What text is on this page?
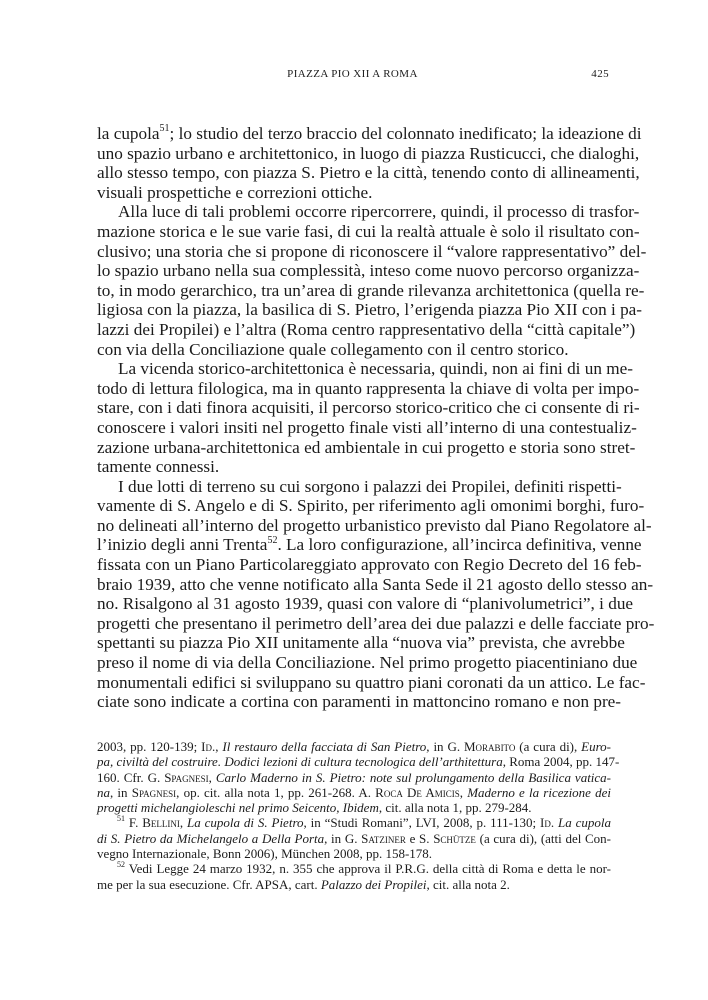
PIAZZA PIO XII A ROMA	425
la cupola$^{51}$; lo studio del terzo braccio del colonnato inedificato; la ideazione di
uno spazio urbano e architettonico, in luogo di piazza Rusticucci, che dialoghi,
allo stesso tempo, con piazza S. Pietro e la città, tenendo conto di allineamenti,
visuali prospettiche e correzioni ottiche.
Alla luce di tali problemi occorre ripercorrere, quindi, il processo di trasfor-
mazione storica e le sue varie fasi, di cui la realtà attuale è solo il risultato con-
clusivo; una storia che si propone di riconoscere il “valore rappresentativo” del-
lo spazio urbano nella sua complessità, inteso come nuovo percorso organizza-
to, in modo gerarchico, tra un’area di grande rilevanza architettonica (quella re-
ligiosa con la piazza, la basilica di S. Pietro, l’erigenda piazza Pio XII con i pa-
lazzi dei Propilei) e l’altra (Roma centro rappresentativo della “città capitale”)
con via della Conciliazione quale collegamento con il centro storico.
La vicenda storico-architettonica è necessaria, quindi, non ai fini di un me-
todo di lettura filologica, ma in quanto rappresenta la chiave di volta per impo-
stare, con i dati finora acquisiti, il percorso storico-critico che ci consente di ri-
conoscere i valori insiti nel progetto finale visti all’interno di una contestualiz-
zazione urbana-architettonica ed ambientale in cui progetto e storia sono stret-
tamente connessi.
I due lotti di terreno su cui sorgono i palazzi dei Propilei, definiti rispetti-
vamente di S. Angelo e di S. Spirito, per riferimento agli omonimi borghi, furo-
no delineati all’interno del progetto urbanistico previsto dal Piano Regolatore al-
l’inizio degli anni Trenta$^{52}$. La loro configurazione, all’incirca definitiva, venne
fissata con un Piano Particolareggiato approvato con Regio Decreto del 16 feb-
braio 1939, atto che venne notificato alla Santa Sede il 21 agosto dello stesso an-
no. Risalgono al 31 agosto 1939, quasi con valore di “planivolumetrici”, i due
progetti che presentano il perimetro dell’area dei due palazzi e delle facciate pro-
spettanti su piazza Pio XII unitamente alla “nuova via” prevista, che avrebbe
preso il nome di via della Conciliazione. Nel primo progetto piacentiniano due
monumentali edifici si sviluppano su quattro piani coronati da un attico. Le fac-
ciate sono indicate a cortina con paramenti in mattoncino romano e non pre-
2003, pp. 120-139; Id., Il restauro della facciata di San Pietro, in G. Morabito (a cura di), Euro-
pa, civiltà del costruire. Dodici lezioni di cultura tecnologica dell’arthitettura, Roma 2004, pp. 147-
160. Cfr. G. Spagnesi, Carlo Maderno in S. Pietro: note sul prolungamento della Basilica vatica-
na, in Spagnesi, op. cit. alla nota 1, pp. 261-268. A. Roca De Amicis, Maderno e la ricezione dei
progetti michelangioleschi nel primo Seicento, Ibidem, cit. alla nota 1, pp. 279-284.
$^{51}$ F. Bellini, La cupola di S. Pietro, in “Studi Romani”, LVI, 2008, p. 111-130; Id. La cupola
di S. Pietro da Michelangelo a Della Porta, in G. Satziner e S. Schütze (a cura di), (atti del Con-
vegno Internazionale, Bonn 2006), München 2008, pp. 158-178.
$^{52}$ Vedi Legge 24 marzo 1932, n. 355 che approva il P.R.G. della città di Roma e detta le nor-
me per la sua esecuzione. Cfr. APSA, cart. Palazzo dei Propilei, cit. alla nota 2.
